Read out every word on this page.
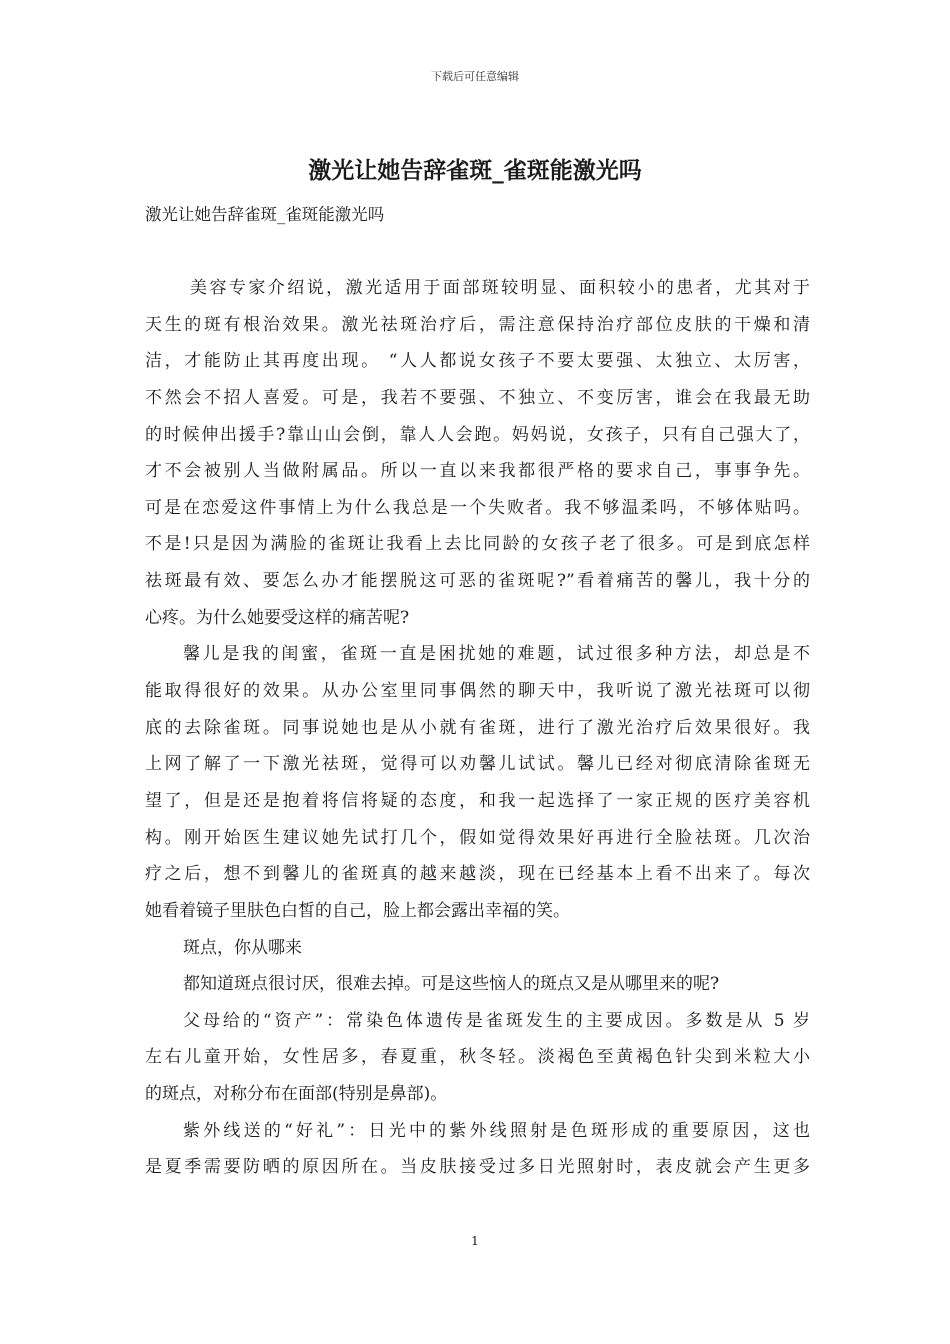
下载后可任意编辑
激光让她告辞雀斑_雀斑能激光吗
激光让她告辞雀斑_雀斑能激光吗
美容专家介绍说，激光适用于面部斑较明显、面积较小的患者，尤其对于
天生的斑有根治效果。激光祛斑治疗后，需注意保持治疗部位皮肤的干燥和清
洁，才能防止其再度出现。 “人人都说女孩子不要太要强、太独立、太厉害，
不然会不招人喜爱。可是，我若不要强、不独立、不变厉害，谁会在我最无助
的时候伸出援手?靠山山会倒，靠人人会跑。妈妈说，女孩子，只有自己强大了，
才不会被别人当做附属品。所以一直以来我都很严格的要求自己，事事争先。
可是在恋爱这件事情上为什么我总是一个失败者。我不够温柔吗，不够体贴吗。
不是!只是因为满脸的雀斑让我看上去比同龄的女孩子老了很多。可是到底怎样
祛斑最有效、要怎么办才能摆脱这可恶的雀斑呢?”看着痛苦的馨儿，我十分的
心疼。为什么她要受这样的痛苦呢?
馨儿是我的闺蜜，雀斑一直是困扰她的难题，试过很多种方法，却总是不
能取得很好的效果。从办公室里同事偶然的聊天中，我听说了激光祛斑可以彻
底的去除雀斑。同事说她也是从小就有雀斑，进行了激光治疗后效果很好。我
上网了解了一下激光祛斑，觉得可以劝馨儿试试。馨儿已经对彻底清除雀斑无
望了，但是还是抱着将信将疑的态度，和我一起选择了一家正规的医疗美容机
构。刚开始医生建议她先试打几个，假如觉得效果好再进行全脸祛斑。几次治
疗之后，想不到馨儿的雀斑真的越来越淡，现在已经基本上看不出来了。每次
她看着镜子里肤色白皙的自己，脸上都会露出幸福的笑。
斑点，你从哪来
都知道斑点很讨厌，很难去掉。可是这些恼人的斑点又是从哪里来的呢?
父母给的“资产”：常染色体遗传是雀斑发生的主要成因。多数是从 5 岁
左右儿童开始，女性居多，春夏重，秋冬轻。淡褐色至黄褐色针尖到米粒大小
的斑点，对称分布在面部(特别是鼻部)。
紫外线送的“好礼”：日光中的紫外线照射是色斑形成的重要原因，这也
是夏季需要防晒的原因所在。当皮肤接受过多日光照射时，表皮就会产生更多
1
